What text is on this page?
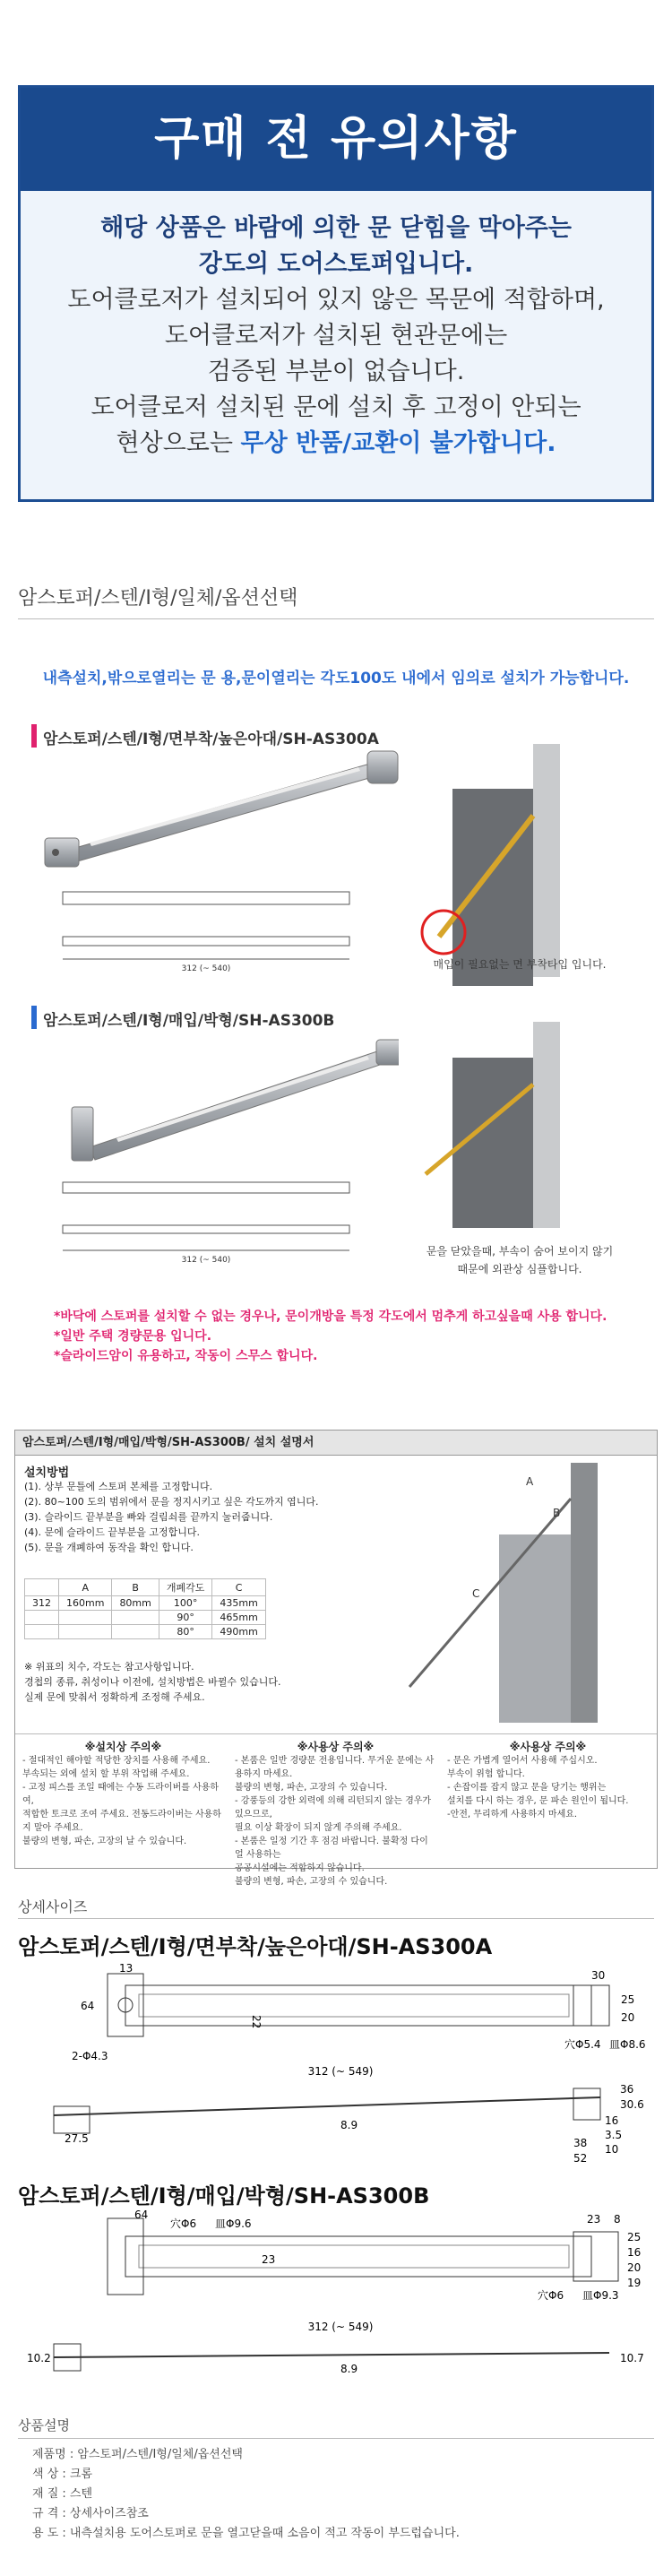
구매 전 유의사항
해당 상품은 바람에 의한 문 닫힘을 막아주는
강도의 도어스토퍼입니다.
도어클로저가 설치되어 있지 않은 목문에 적합하며,
도어클로저가 설치된 현관문에는
검증된 부분이 없습니다.
도어클로저 설치된 문에 설치 후 고정이 안되는
현상으로는 무상 반품/교환이 불가합니다.
암스토퍼/스텐/I형/일체/옵션선택
내측설치,밖으로열리는 문 용,문이열리는 각도100도 내에서 임의로 설치가 가능합니다.
암스토퍼/스텐/I형/면부착/높은아대/SH-AS300A
312 (~ 540)	매입이 필요없는 면 부착타입 입니다.
암스토퍼/스텐/I형/매입/박형/SH-AS300B
312 (~ 540)
문을 닫았을때, 부속이 숨어 보이지 않기
때문에 외관상 심플합니다.
*바닥에 스토퍼를 설치할 수 없는 경우나, 문이개방을 특정 각도에서 멈추게 하고싶을때 사용 합니다.
*일반 주택 경량문용 입니다.
*슬라이드암이 유용하고, 작동이 스무스 합니다.
암스토퍼/스텐/I형/매입/박형/SH-AS300B/ 설치 설명서
설치방법
(1). 상부 문틀에 스토퍼 본체를 고정합니다.
(2). 80~100 도의 범위에서 문을 정지시키고 싶은 각도까지 엽니다.
(3). 슬라이드 끝부분을 빠와 걸림쇠를 끝까지 눌러줍니다.
(4). 문에 슬라이드 끝부분을 고정합니다.
(5). 문을 개폐하여 동작을 확인 합니다.
	A	B	개폐각도	C
312	160mm	80mm	100°	435mm
			90°	465mm
			80°	490mm
※ 위표의 치수, 각도는 참고사항입니다.
경첩의 종류, 취성이나 이전에, 설치방법은 바뀔수 있습니다.
실제 문에 맞춰서 정확하게 조정해 주세요.
A
B
C
※설치상 주의※
- 절대적인 해야할 적당한 장치를 사용해 주세요.
부속되는 외에 설치 할 부위 작업해 주세요.
- 고정 피스를 조일 때에는 수동 드라이버를 사용하여,
적합한 토크로 조여 주세요. 전동드라이버는 사용하지 말아 주세요.
불량의 변형, 파손, 고장의 날 수 있습니다.
※사용상 주의※
- 본품은 일반 경량문 전용입니다. 무거운 문에는 사용하지 마세요.
불량의 변형, 파손, 고장의 수 있습니다.
- 강풍등의 강한 외력에 의해 리턴되지 않는 경우가 있으므로,
필요 이상 확장이 되지 않게 주의해 주세요.
- 본품은 일정 기간 후 점검 바랍니다. 불확정 다이얼 사용하는
공공시설에는 적합하지 않습니다.
불량의 변형, 파손, 고장의 수 있습니다.
※사용상 주의※
- 문은 가볍게 열어서 사용해 주십시오.
부속이 위험 합니다.
- 손잡이를 잡지 않고 문을 당기는 행위는
설치를 다시 하는 경우, 문 파손 원인이 됩니다.
-안전, 무리하게 사용하지 마세요.
상세사이즈
암스토퍼/스텐/I형/면부착/높은아대/SH-AS300A
13
64
22
30
25
20
穴Φ5.4 皿Φ8.6
2-Φ4.3
312 (~ 549)
27.5
8.9
38
52
36
30.6
16
3.5
10
암스토퍼/스텐/I형/매입/박형/SH-AS300B
64
穴Φ6 皿Φ9.6
23
23 8
25
16
20
19
穴Φ6 皿Φ9.3
312 (~ 549)
10.2
8.9
10.7
상품설명
제품명 : 암스토퍼/스텐/I형/일체/옵션선택
색 상 : 크롬
재 질 : 스텐
규 격 : 상세사이즈참조
용 도 : 내측설치용 도어스토퍼로 문을 열고닫을때 소음이 적고 작동이 부드럽습니다.
